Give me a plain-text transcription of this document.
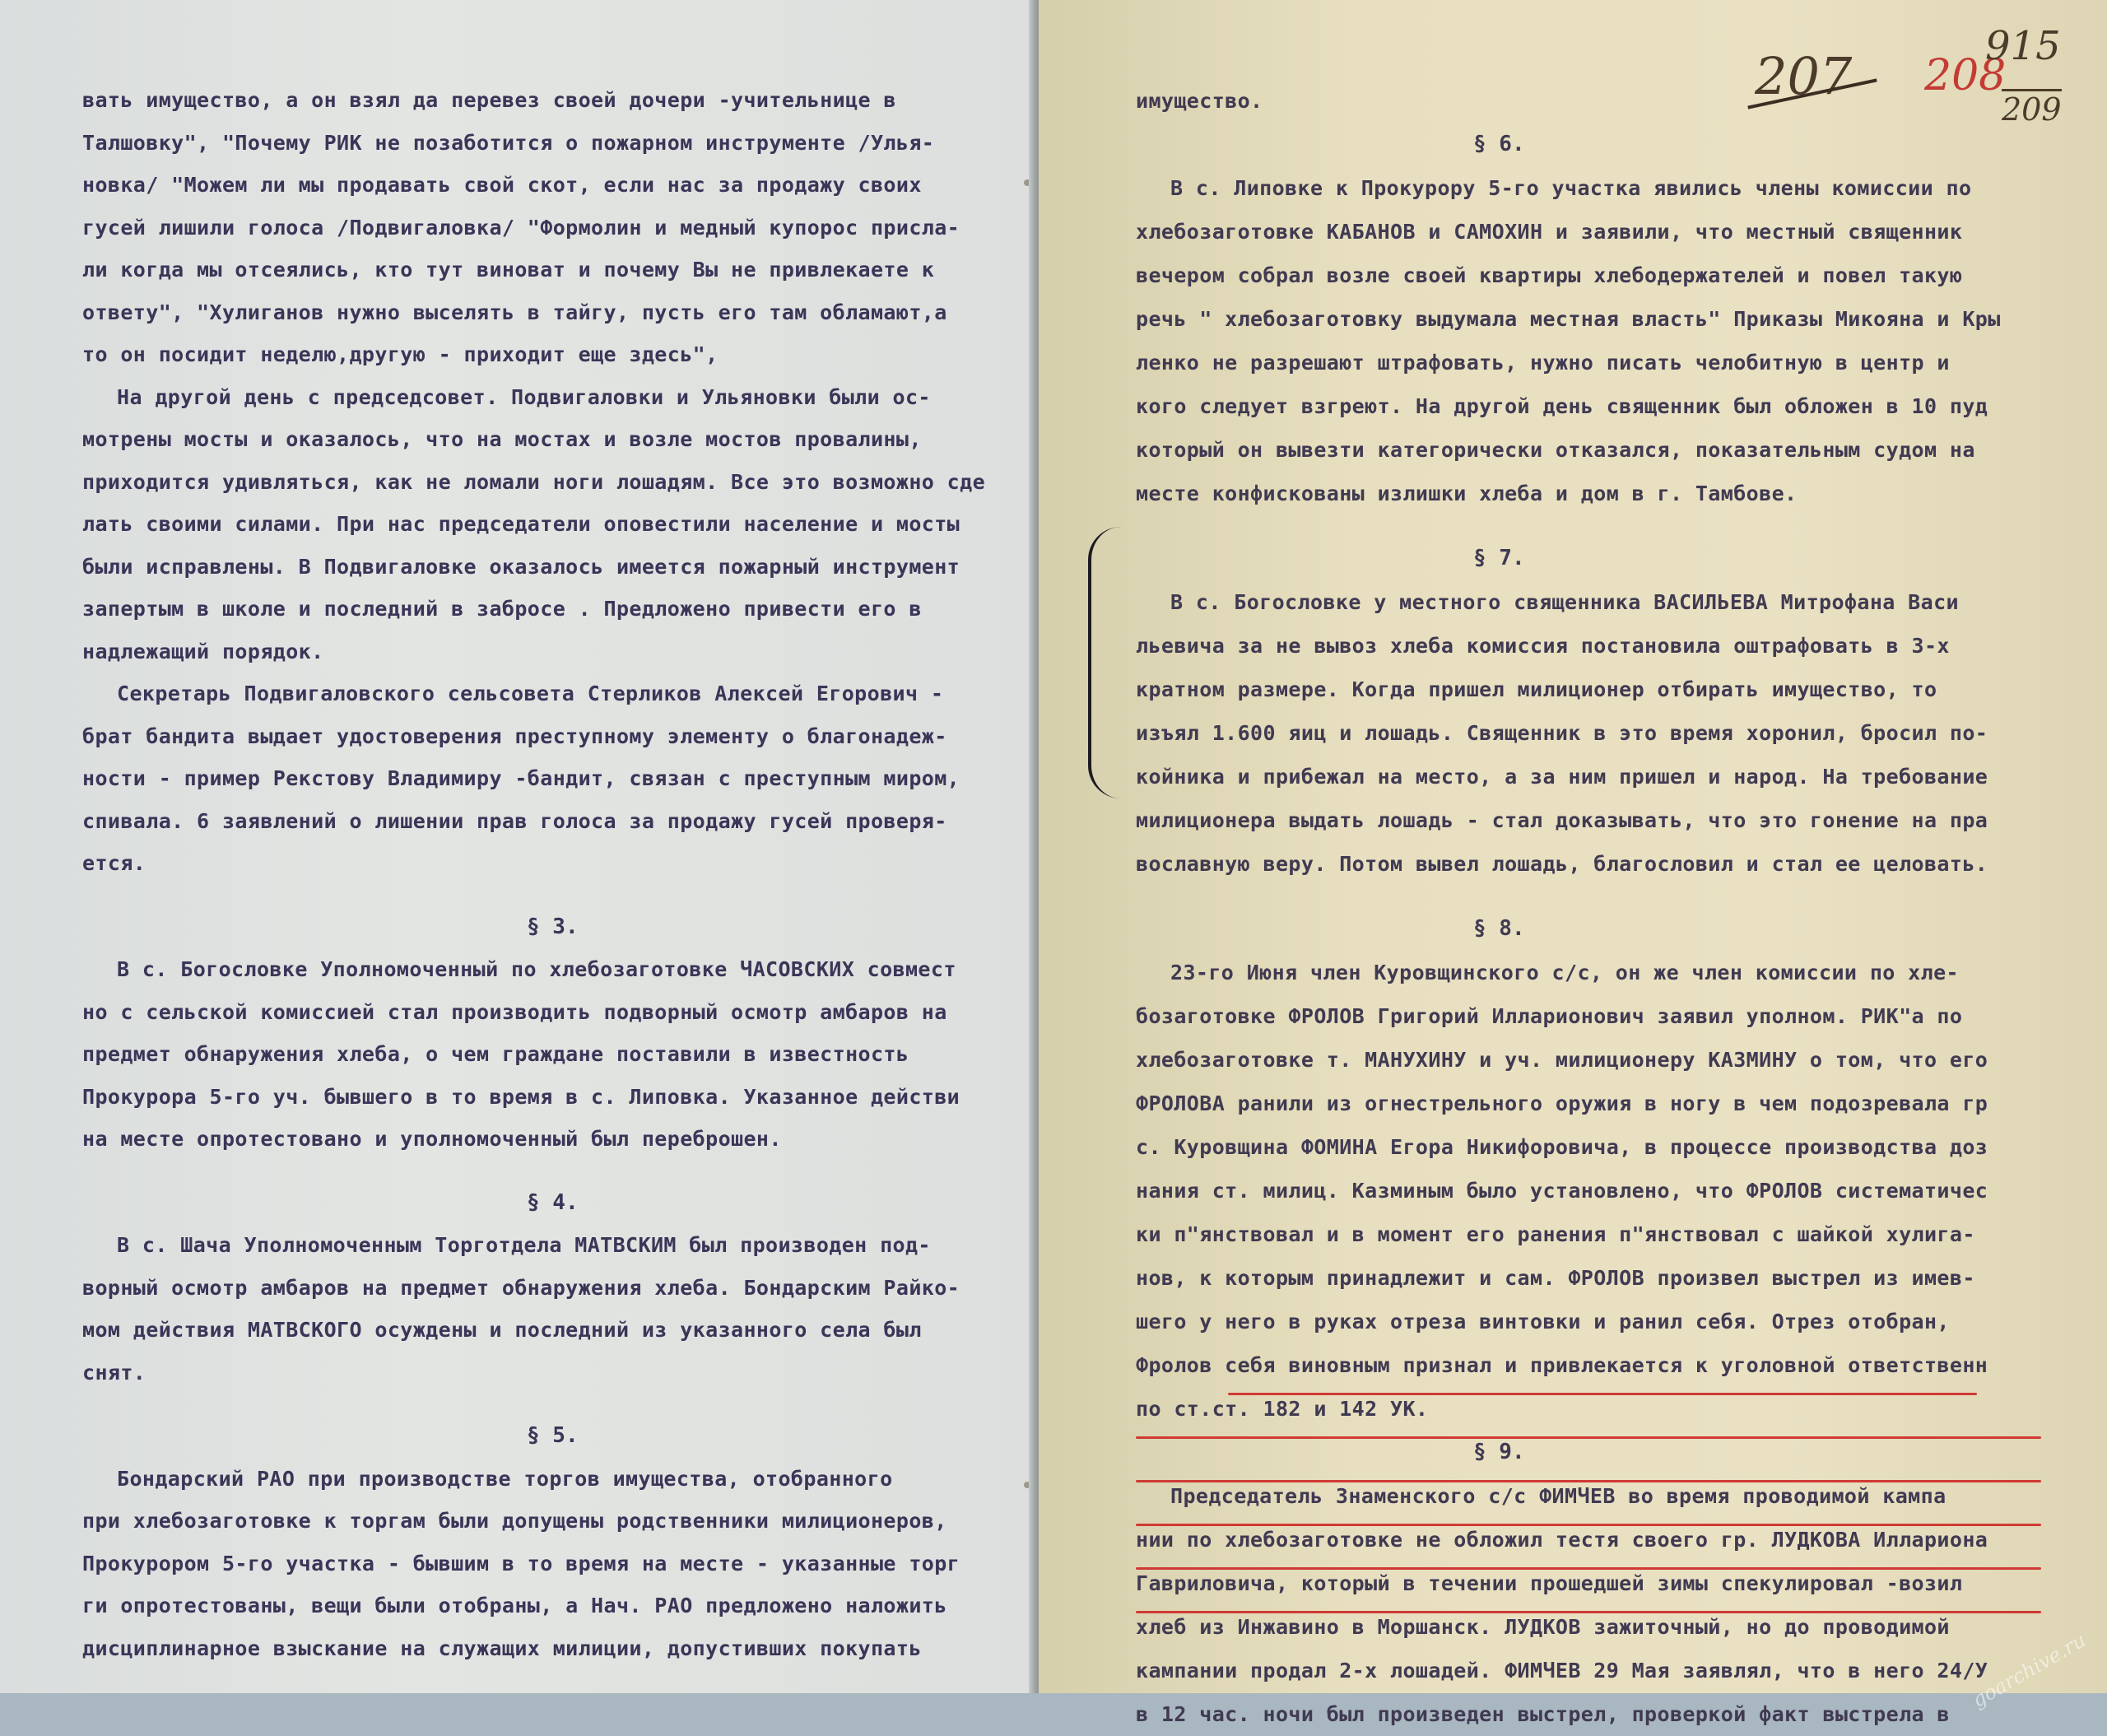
вать имущество, а он взял да перевез своей дочери -учительнице в

Талшовку", "Почему РИК не позаботится о пожарном инструменте /Улья-

новка/ "Можем ли мы продавать свой скот, если нас за продажу своих

гусей лишили голоса /Подвигаловка/ "Формолин и медный купорос присла-

ли когда мы отсеялись, кто тут виноват и почему Вы не привлекаете к

ответу", "Хулиганов нужно выселять в тайгу, пусть его там обламают,а

то он посидит неделю,другую - приходит еще здесь",

На другой день с председсовет. Подвигаловки и Ульяновки были ос-

мотрены мосты и оказалось, что на мостах и возле мостов провалины,

приходится удивляться, как не ломали ноги лошадям. Все это возможно сде

лать своими силами. При нас председатели оповестили население и мосты

были исправлены. В Подвигаловке оказалось имеется пожарный инструмент

запертым в школе и последний в забросе . Предложено привести его в

надлежащий порядок.

Секретарь Подвигаловского сельсовета Стерликов Алексей Егорович -

брат бандита выдает удостоверения преступному элементу о благонадеж-

ности - пример Рекстову Владимиру -бандит, связан с преступным миром,

спивала. 6 заявлений о лишении прав голоса за продажу гусей проверя-

ется.

§ 3.

В с. Богословке Уполномоченный по хлебозаготовке ЧАСОВСКИХ совмест

но с сельской комиссией стал производить подворный осмотр амбаров на

предмет обнаружения хлеба, о чем граждане поставили в известность

Прокурора 5-го уч. бывшего в то время в с. Липовка. Указанное действи

на месте опротестовано и уполномоченный был переброшен.

§ 4.

В с. Шача Уполномоченным Торготдела МАТВСКИМ был производен под-

ворный осмотр амбаров на предмет обнаружения хлеба. Бондарским Райко-

мом действия МАТВСКОГО осуждены и последний из указанного села был

снят.

§ 5.

Бондарский РАО при производстве торгов имущества, отобранного

при хлебозаготовке к торгам были допущены родственники милиционеров,

Прокурором 5-го участка - бывшим в то время на месте - указанные торг

ги опротестованы, вещи были отобраны, а Нач. РАО предложено наложить

дисциплинарное взыскание на служащих милиции, допустивших покупать

имущество.

§ 6.

В с. Липовке к Прокурору 5-го участка явились члены комиссии по

хлебозаготовке КАБАНОВ и САМОХИН и заявили, что местный священник

вечером собрал возле своей квартиры хлебодержателей и повел такую

речь " хлебозаготовку выдумала местная власть" Приказы Микояна и Кры

ленко не разрешают штрафовать, нужно писать челобитную в центр и

кого следует взгреют. На другой день священник был обложен в 10 пуд

который он вывезти категорически отказался, показательным судом на

месте конфискованы излишки хлеба и дом в г. Тамбове.

§ 7.

В с. Богословке у местного священника ВАСИЛЬЕВА Митрофана Васи

льевича за не вывоз хлеба комиссия постановила оштрафовать в 3-х

кратном размере. Когда пришел милиционер отбирать имущество, то

изъял 1.600 яиц и лошадь. Священник в это время хоронил, бросил по-

койника и прибежал на место, а за ним пришел и народ. На требование

милиционера выдать лошадь - стал доказывать, что это гонение на пра

вославную веру. Потом вывел лошадь, благословил и стал ее целовать.

§ 8.

23-го Июня член Куровщинского с/с, он же член комиссии по хле-

бозаготовке ФРОЛОВ Григорий Илларионович заявил уполном. РИК"а по

хлебозаготовке т. МАНУХИНУ и уч. милиционеру КАЗМИНУ о том, что его

ФРОЛОВА ранили из огнестрельного оружия в ногу в чем подозревала гр

с. Куровщина ФОМИНА Егора Никифоровича, в процессе производства доз

нания ст. милиц. Казминым было установлено, что ФРОЛОВ систематичес

ки п"янствовал и в момент его ранения п"янствовал с шайкой хулига-

нов, к которым принадлежит и сам. ФРОЛОВ произвел выстрел из имев-

шего у него в руках отреза винтовки и ранил себя. Отрез отобран,

Фролов себя виновным признал и привлекается к уголовной ответственн

по ст.ст. 182 и 142 УК.

§ 9.

Председатель Знаменского с/с ФИМЧЕВ во время проводимой кампа

нии по хлебозаготовке не обложил тестя своего гр. ЛУДКОВА Иллариона

Гавриловича, который в течении прошедшей зимы спекулировал -возил

хлеб из Инжавино в Моршанск. ЛУДКОВ зажиточный, но до проводимой

кампании продал 2-х лошадей. ФИМЧЕВ 29 Мая заявлял, что в него 24/У

в 12 час. ночи был произведен выстрел, проверкой факт выстрела в

207 208
915
209
goarchive.ru
